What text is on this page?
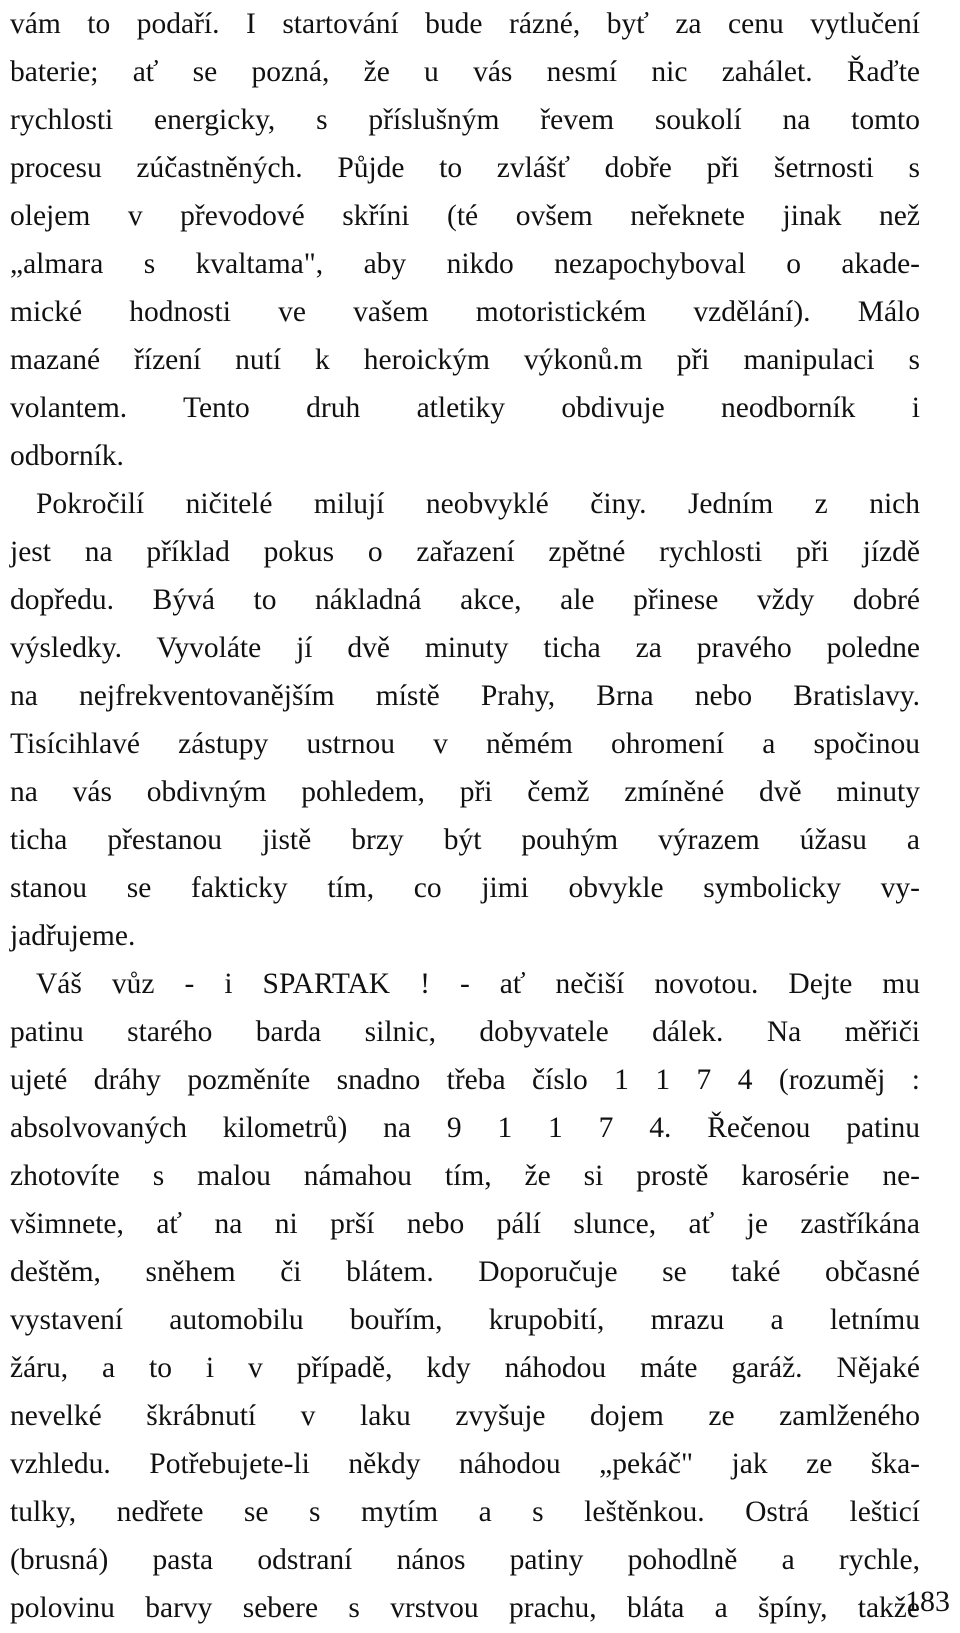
vám to podaří. I startování bude rázné, byť za cenu vytlučení
baterie; ať se pozná, že u vás nesmí nic zahálet. Řaďte
rychlosti energicky, s příslušným řevem soukolí na tomto
procesu zúčastněných. Půjde to zvlášť dobře při šetrnosti s
olejem v převodové skříni (té ovšem neřeknete jinak než
„almara s kvaltama", aby nikdo nezapochyboval o akade-
mické hodnosti ve vašem motoristickém vzdělání). Málo
mazané řízení nutí k heroickým výkonů.m při manipulaci s
volantem. Tento druh atletiky obdivuje neodborník i
odborník.
Pokročilí ničitelé milují neobvyklé činy. Jedním z nich
jest na příklad pokus o zařazení zpětné rychlosti při jízdě
dopředu. Bývá to nákladná akce, ale přinese vždy dobré
výsledky. Vyvoláte jí dvě minuty ticha za pravého poledne
na nejfrekventovanějším místě Prahy, Brna nebo Bratislavy.
Tisícihlavé zástupy ustrnou v němém ohromení a spočinou
na vás obdivným pohledem, při čemž zmíněné dvě minuty
ticha přestanou jistě brzy být pouhým výrazem úžasu a
stanou se fakticky tím, co jimi obvykle symbolicky vy-
jadřujeme.
Váš vůz - i SPARTAK ! - ať nečiší novotou. Dejte mu
patinu starého barda silnic, dobyvatele dálek. Na měřiči
ujeté dráhy pozměníte snadno třeba číslo 1 1 7 4 (rozuměj :
absolvovaných kilometrů) na 9 1 1 7 4. Řečenou patinu
zhotovíte s malou námahou tím, že si prostě karosérie ne-
všimnete, ať na ni prší nebo pálí slunce, ať je zastříkána
deštěm, sněhem či blátem. Doporučuje se také občasné
vystavení automobilu bouřím, krupobití, mrazu a letnímu
žáru, a to i v případě, kdy náhodou máte garáž. Nějaké
nevelké škrábnutí v laku zvyšuje dojem ze zamlženého
vzhledu. Potřebujete-li někdy náhodou „pekáč" jak ze ška-
tulky, nedřete se s mytím a s leštěnkou. Ostrá lešticí
(brusná) pasta odstraní nános patiny pohodlně a rychle,
polovinu barvy sebere s vrstvou prachu, bláta a špíny, takže
183
